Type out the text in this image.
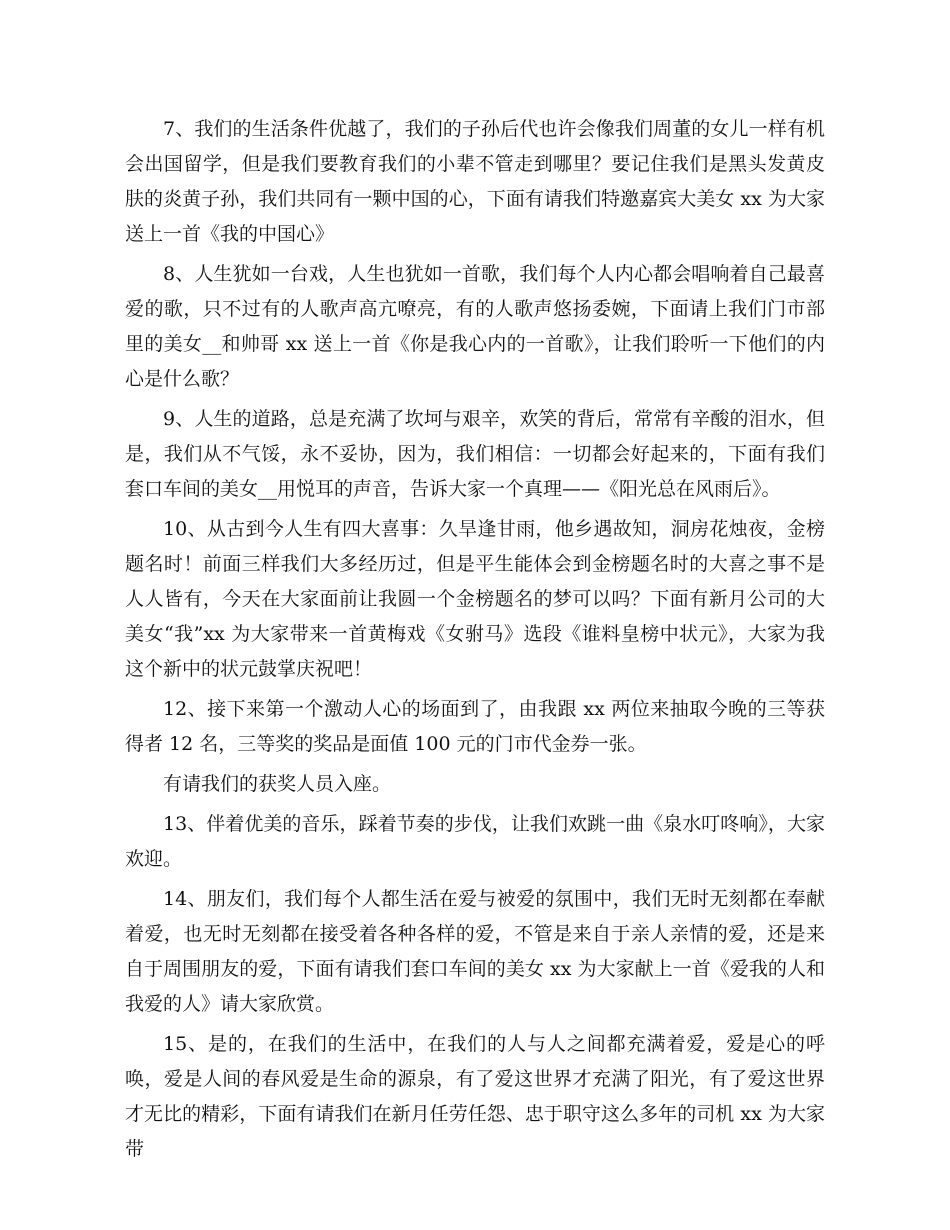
7、我们的生活条件优越了，我们的子孙后代也许会像我们周董的女儿一样有机会出国留学，但是我们要教育我们的小辈不管走到哪里？要记住我们是黑头发黄皮肤的炎黄子孙，我们共同有一颗中国的心，下面有请我们特邀嘉宾大美女 xx 为大家送上一首《我的中国心》

8、人生犹如一台戏，人生也犹如一首歌，我们每个人内心都会唱响着自己最喜爱的歌，只不过有的人歌声高亢嘹亮，有的人歌声悠扬委婉，下面请上我们门市部里的美女__和帅哥 xx 送上一首《你是我心内的一首歌》，让我们聆听一下他们的内心是什么歌？

9、人生的道路，总是充满了坎坷与艰辛，欢笑的背后，常常有辛酸的泪水，但是，我们从不气馁，永不妥协，因为，我们相信：一切都会好起来的，下面有我们套口车间的美女__用悦耳的声音，告诉大家一个真理——《阳光总在风雨后》。

10、从古到今人生有四大喜事：久旱逢甘雨，他乡遇故知，洞房花烛夜，金榜题名时！前面三样我们大多经历过，但是平生能体会到金榜题名时的大喜之事不是人人皆有，今天在大家面前让我圆一个金榜题名的梦可以吗？下面有新月公司的大美女“我”xx 为大家带来一首黄梅戏《女驸马》选段《谁料皇榜中状元》，大家为我这个新中的状元鼓掌庆祝吧！

12、接下来第一个激动人心的场面到了，由我跟 xx 两位来抽取今晚的三等获得者 12 名，三等奖的奖品是面值 100 元的门市代金券一张。

有请我们的获奖人员入座。

13、伴着优美的音乐，踩着节奏的步伐，让我们欢跳一曲《泉水叮咚响》，大家欢迎。

14、朋友们，我们每个人都生活在爱与被爱的氛围中，我们无时无刻都在奉献着爱，也无时无刻都在接受着各种各样的爱，不管是来自于亲人亲情的爱，还是来自于周围朋友的爱，下面有请我们套口车间的美女 xx 为大家献上一首《爱我的人和我爱的人》请大家欣赏。

15、是的，在我们的生活中，在我们的人与人之间都充满着爱，爱是心的呼唤，爱是人间的春风爱是生命的源泉，有了爱这世界才充满了阳光，有了爱这世界才无比的精彩，下面有请我们在新月任劳任怨、忠于职守这么多年的司机 xx 为大家带
